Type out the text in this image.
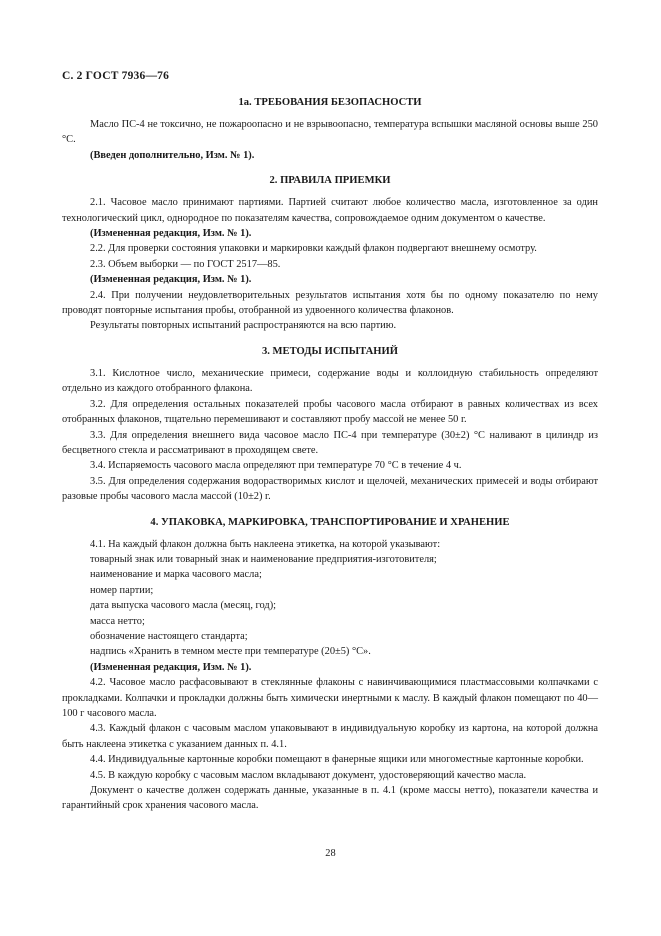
С. 2 ГОСТ 7936—76
1а. ТРЕБОВАНИЯ БЕЗОПАСНОСТИ

Масло ПС-4 не токсично, не пожароопасно и не взрывоопасно, температура вспышки масляной основы выше 250 °С.

(Введен дополнительно, Изм. № 1).

2. ПРАВИЛА ПРИЕМКИ

2.1. Часовое масло принимают партиями. Партией считают любое количество масла, изготовленное за один технологический цикл, однородное по показателям качества, сопровождаемое одним документом о качестве.

(Измененная редакция, Изм. № 1).

2.2. Для проверки состояния упаковки и маркировки каждый флакон подвергают внешнему осмотру.

2.3. Объем выборки — по ГОСТ 2517—85.

(Измененная редакция, Изм. № 1).

2.4. При получении неудовлетворительных результатов испытания хотя бы по одному показателю по нему проводят повторные испытания пробы, отобранной из удвоенного количества флаконов.

Результаты повторных испытаний распространяются на всю партию.

3. МЕТОДЫ ИСПЫТАНИЙ

3.1. Кислотное число, механические примеси, содержание воды и коллоидную стабильность определяют отдельно из каждого отобранного флакона.

3.2. Для определения остальных показателей пробы часового масла отбирают в равных количествах из всех отобранных флаконов, тщательно перемешивают и составляют пробу массой не менее 50 г.

3.3. Для определения внешнего вида часовое масло ПС-4 при температуре (30±2) °С наливают в цилиндр из бесцветного стекла и рассматривают в проходящем свете.

3.4. Испаряемость часового масла определяют при температуре 70 °С в течение 4 ч.

3.5. Для определения содержания водорастворимых кислот и щелочей, механических примесей и воды отбирают разовые пробы часового масла массой (10±2) г.

4. УПАКОВКА, МАРКИРОВКА, ТРАНСПОРТИРОВАНИЕ И ХРАНЕНИЕ

4.1. На каждый флакон должна быть наклеена этикетка, на которой указывают:

товарный знак или товарный знак и наименование предприятия-изготовителя;

наименование и марка часового масла;

номер партии;

дата выпуска часового масла (месяц, год);

масса нетто;

обозначение настоящего стандарта;

надпись «Хранить в темном месте при температуре (20±5) °С».

(Измененная редакция, Изм. № 1).

4.2. Часовое масло расфасовывают в стеклянные флаконы с навинчивающимися пластмассовыми колпачками с прокладками. Колпачки и прокладки должны быть химически инертными к маслу. В каждый флакон помещают по 40—100 г часового масла.

4.3. Каждый флакон с часовым маслом упаковывают в индивидуальную коробку из картона, на которой должна быть наклеена этикетка с указанием данных п. 4.1.

4.4. Индивидуальные картонные коробки помещают в фанерные ящики или многоместные картонные коробки.

4.5. В каждую коробку с часовым маслом вкладывают документ, удостоверяющий качество масла.

Документ о качестве должен содержать данные, указанные в п. 4.1 (кроме массы нетто), показатели качества и гарантийный срок хранения часового масла.

28
